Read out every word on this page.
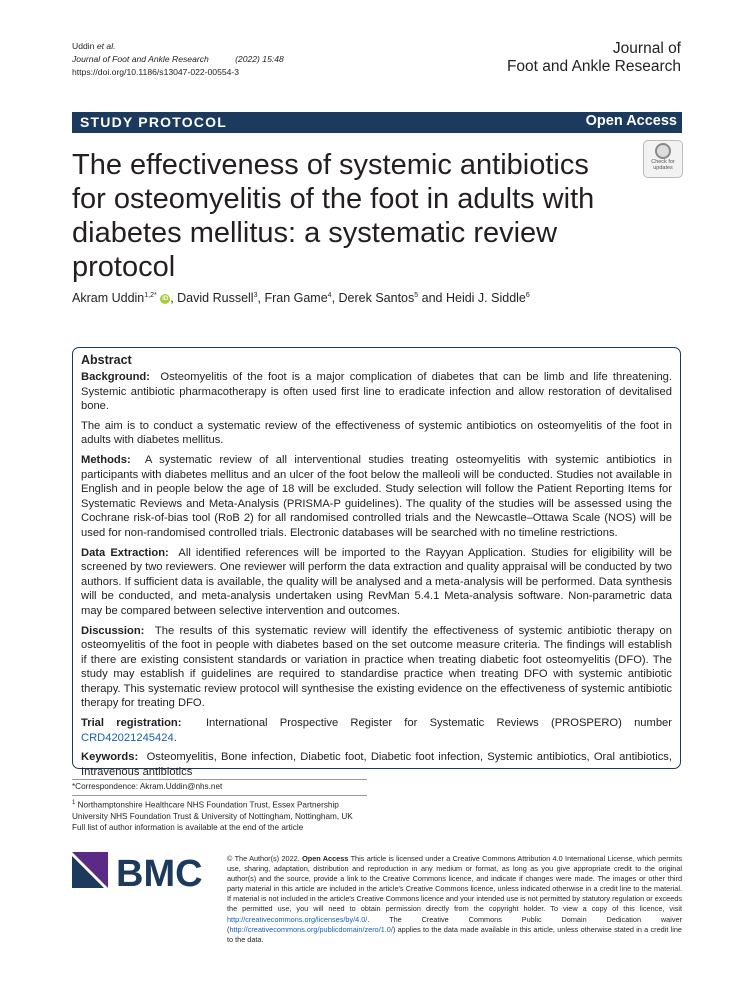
Uddin et al.
Journal of Foot and Ankle Research	(2022) 15:48
https://doi.org/10.1186/s13047-022-00554-3
Journal of
Foot and Ankle Research
STUDY PROTOCOL	Open Access
The effectiveness of systemic antibiotics for osteomyelitis of the foot in adults with diabetes mellitus: a systematic review protocol
Check for
updates
Akram Uddin$^{1,2*}$ iD , David Russell$^3$, Fran Game$^4$, Derek Santos$^5$ and Heidi J. Siddle$^6$
Abstract

Background: Osteomyelitis of the foot is a major complication of diabetes that can be limb and life threatening. Systemic antibiotic pharmacotherapy is often used first line to eradicate infection and allow restoration of devitalised bone.

The aim is to conduct a systematic review of the effectiveness of systemic antibiotics on osteomyelitis of the foot in adults with diabetes mellitus.

Methods: A systematic review of all interventional studies treating osteomyelitis with systemic antibiotics in participants with diabetes mellitus and an ulcer of the foot below the malleoli will be conducted. Studies not available in English and in people below the age of 18 will be excluded. Study selection will follow the Patient Reporting Items for Systematic Reviews and Meta-Analysis (PRISMA-P guidelines). The quality of the studies will be assessed using the Cochrane risk-of-bias tool (RoB 2) for all randomised controlled trials and the Newcastle–Ottawa Scale (NOS) will be used for non-randomised controlled trials. Electronic databases will be searched with no timeline restrictions.

Data Extraction: All identified references will be imported to the Rayyan Application. Studies for eligibility will be screened by two reviewers. One reviewer will perform the data extraction and quality appraisal will be conducted by two authors. If sufficient data is available, the quality will be analysed and a meta-analysis will be performed. Data synthesis will be conducted, and meta-analysis undertaken using RevMan 5.4.1 Meta-analysis software. Non-parametric data may be compared between selective intervention and outcomes.

Discussion: The results of this systematic review will identify the effectiveness of systemic antibiotic therapy on osteomyelitis of the foot in people with diabetes based on the set outcome measure criteria. The findings will establish if there are existing consistent standards or variation in practice when treating diabetic foot osteomyelitis (DFO). The study may establish if guidelines are required to standardise practice when treating DFO with systemic antibiotic therapy. This systematic review protocol will synthesise the existing evidence on the effectiveness of systemic antibiotic therapy for treating DFO.

Trial registration: International Prospective Register for Systematic Reviews (PROSPERO) number CRD42021245424.

Keywords: Osteomyelitis, Bone infection, Diabetic foot, Diabetic foot infection, Systemic antibiotics, Oral antibiotics, Intravenous antibiotics

*Correspondence: Akram.Uddin@nhs.net
$^1$ Northamptonshire Healthcare NHS Foundation Trust, Essex Partnership University NHS Foundation Trust & University of Nottingham, Nottingham, UK
Full list of author information is available at the end of the article
BMC	© The Author(s) 2022. Open Access This article is licensed under a Creative Commons Attribution 4.0 International License, which permits use, sharing, adaptation, distribution and reproduction in any medium or format, as long as you give appropriate credit to the original author(s) and the source, provide a link to the Creative Commons licence, and indicate if changes were made. The images or other third party material in this article are included in the article's Creative Commons licence, unless indicated otherwise in a credit line to the material. If material is not included in the article's Creative Commons licence and your intended use is not permitted by statutory regulation or exceeds the permitted use, you will need to obtain permission directly from the copyright holder. To view a copy of this licence, visit http://creativecommons.org/licenses/by/4.0/. The Creative Commons Public Domain Dedication waiver (http://creativecommons.org/publicdomain/zero/1.0/) applies to the data made available in this article, unless otherwise stated in a credit line to the data.
